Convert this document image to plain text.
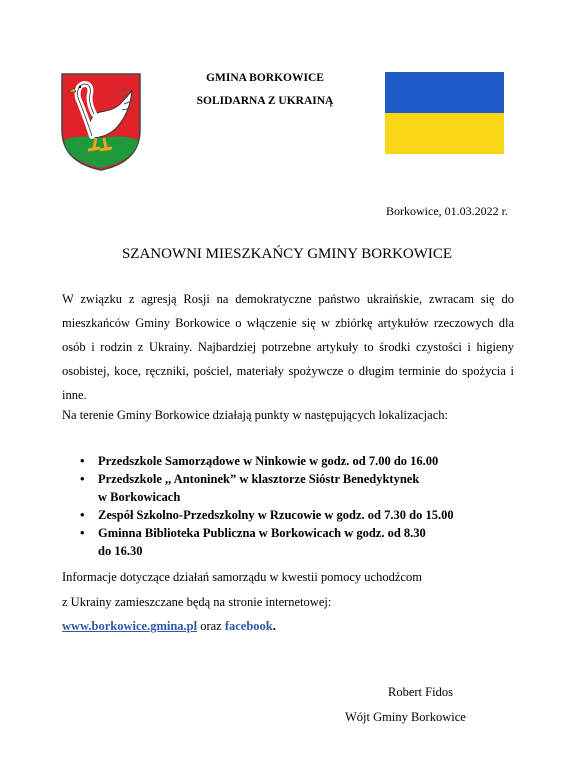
GMINA BORKOWICE
SOLIDARNA Z UKRAINĄ
Borkowice, 01.03.2022 r.
SZANOWNI MIESZKAŃCY GMINY BORKOWICE

W związku z agresją Rosji na demokratyczne państwo ukraińskie, zwracam się do mieszkańców Gminy Borkowice o włączenie się w zbiórkę artykułów rzeczowych dla osób i rodzin z Ukrainy. Najbardziej potrzebne artykuły to środki czystości i higieny osobistej, koce, ręczniki, pościel, materiały spożywcze o długim terminie do spożycia i inne.

Na terenie Gminy Borkowice działają punkty w następujących lokalizacjach:

• Przedszkole Samorządowe w Ninkowie w godz. od 7.00 do 16.00
• Przedszkole ,, Antoninek” w klasztorze Sióstr Benedyktynek
w Borkowicach
• Zespół Szkolno-Przedszkolny w Rzucowie w godz. od 7.30 do 15.00
• Gminna Biblioteka Publiczna w Borkowicach w godz. od 8.30
do 16.30

Informacje dotyczące działań samorządu w kwestii pomocy uchodźcom

z Ukrainy zamieszczane będą na stronie internetowej:

www.borkowice.gmina.pl oraz facebook.
Robert Fidos
Wójt Gminy Borkowice
